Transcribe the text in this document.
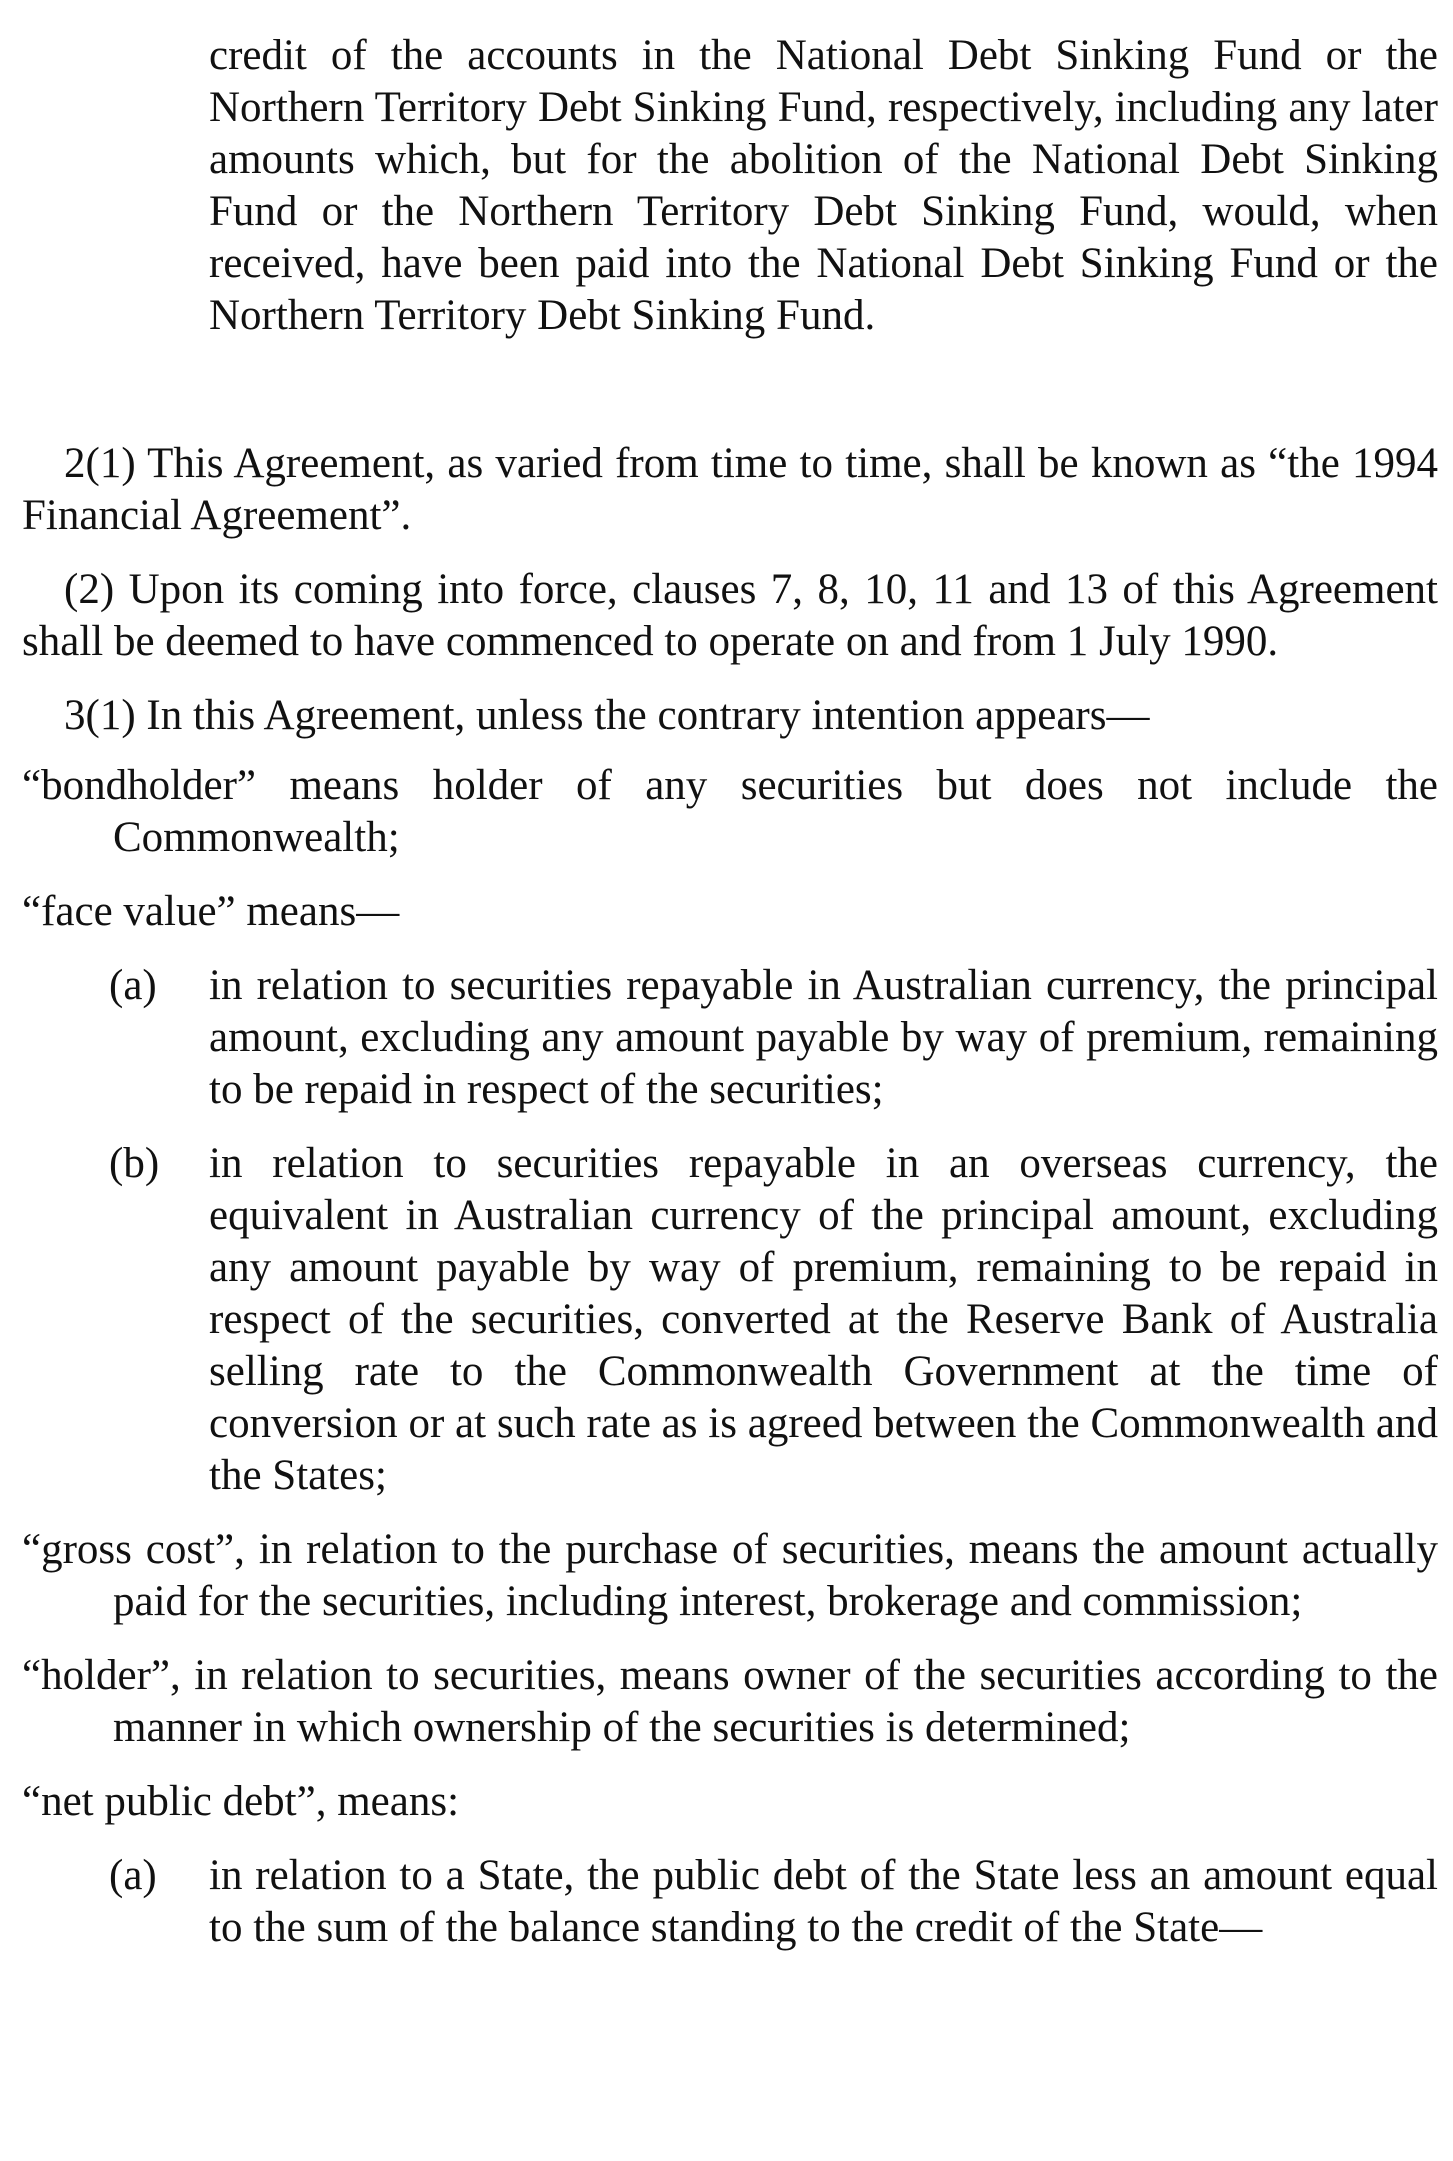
credit of the accounts in the National Debt Sinking Fund or the Northern Territory Debt Sinking Fund, respectively, including any later amounts which, but for the abolition of the National Debt Sinking Fund or the Northern Territory Debt Sinking Fund, would, when received, have been paid into the National Debt Sinking Fund or the Northern Territory Debt Sinking Fund.

2(1) This Agreement, as varied from time to time, shall be known as “the 1994 Financial Agreement”.

(2) Upon its coming into force, clauses 7, 8, 10, 11 and 13 of this Agreement shall be deemed to have commenced to operate on and from 1 July 1990.

3(1) In this Agreement, unless the contrary intention appears—

“bondholder” means holder of any securities but does not include the Commonwealth;

“face value” means—

(a) in relation to securities repayable in Australian currency, the principal amount, excluding any amount payable by way of premium, remaining to be repaid in respect of the securities;

(b) in relation to securities repayable in an overseas currency, the equivalent in Australian currency of the principal amount, excluding any amount payable by way of premium, remaining to be repaid in respect of the securities, converted at the Reserve Bank of Australia selling rate to the Commonwealth Government at the time of conversion or at such rate as is agreed between the Commonwealth and the States;

“gross cost”, in relation to the purchase of securities, means the amount actually paid for the securities, including interest, brokerage and commission;

“holder”, in relation to securities, means owner of the securities according to the manner in which ownership of the securities is determined;

“net public debt”, means:

(a) in relation to a State, the public debt of the State less an amount equal to the sum of the balance standing to the credit of the State—
